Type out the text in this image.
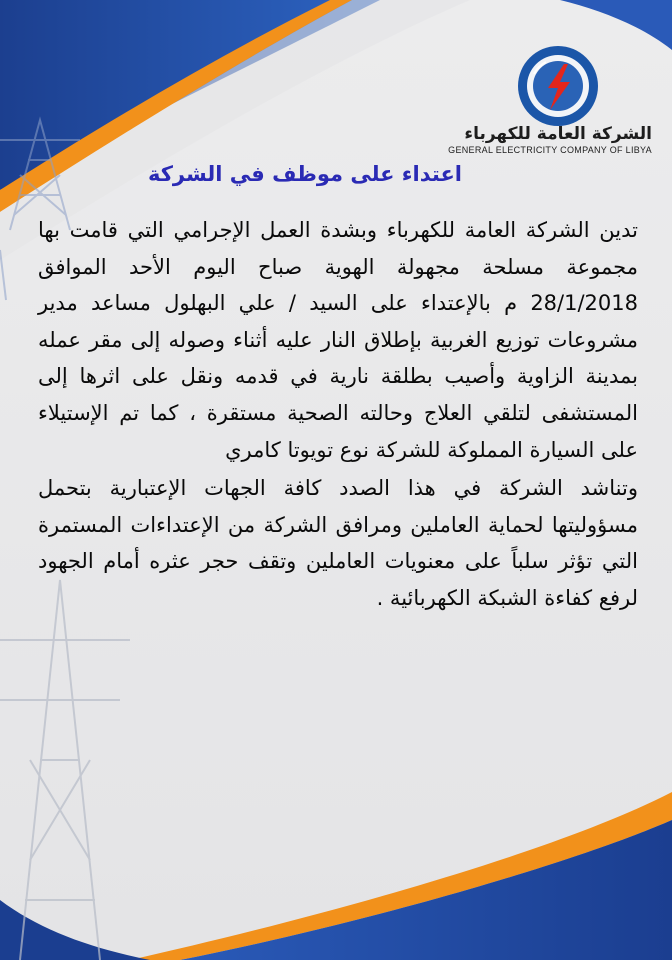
الشركة العامة للكهرباء
GENERAL ELECTRICITY COMPANY OF LIBYA
اعتداء على موظف في الشركة

تدين الشركة العامة للكهرباء وبشدة العمل الإجرامي التي قامت بها مجموعة مسلحة مجهولة الهوية صباح اليوم الأحد الموافق 28/1/2018 م بالإعتداء على السيد / علي البهلول مساعد مدير مشروعات توزيع الغربية بإطلاق النار عليه أثناء وصوله إلى مقر عمله بمدينة الزاوية وأصيب بطلقة نارية في قدمه ونقل على اثرها إلى المستشفى لتلقي العلاج وحالته الصحية مستقرة ، كما تم الإستيلاء على السيارة المملوكة للشركة نوع تويوتا كامري

وتناشد الشركة في هذا الصدد كافة الجهات الإعتبارية بتحمل مسؤوليتها لحماية العاملين ومرافق الشركة من الإعتداءات المستمرة التي تؤثر سلباً على معنويات العاملين وتقف حجر عثره أمام الجهود لرفع كفاءة الشبكة الكهربائية .
